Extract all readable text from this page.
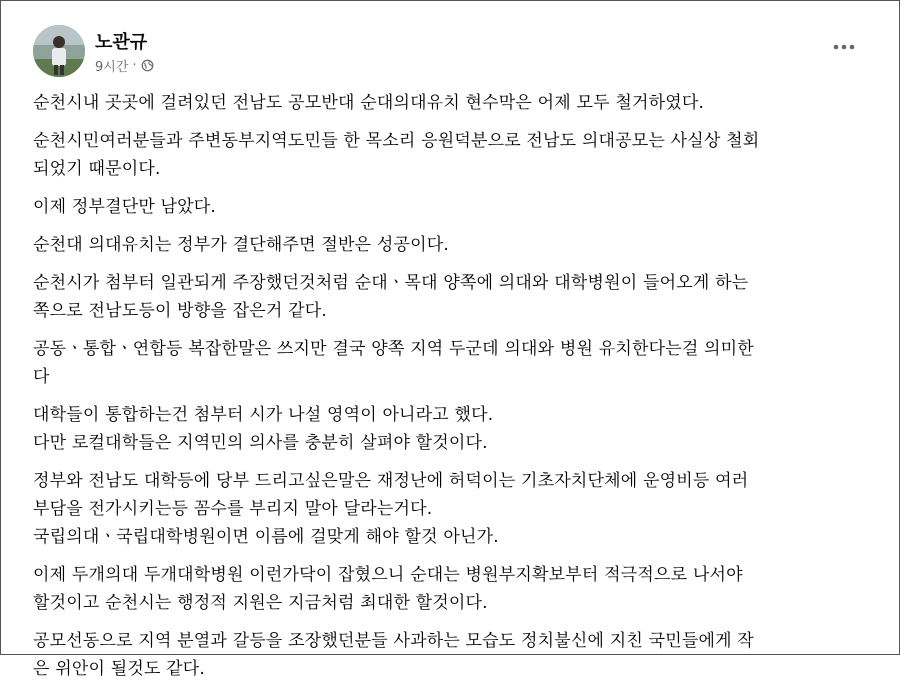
노관규
9시간 ·

순천시내 곳곳에 걸려있던 전남도 공모반대 순대의대유치 현수막은 어제 모두 철거하였다.

순천시민여러분들과 주변동부지역도민들 한 목소리 응원덕분으로 전남도 의대공모는 사실상 철회
되었기 때문이다.

이제 정부결단만 남았다.

순천대 의대유치는 정부가 결단해주면 절반은 성공이다.

순천시가 첨부터 일관되게 주장했던것처럼 순대ㆍ목대 양쪽에 의대와 대학병원이 들어오게 하는
쪽으로 전남도등이 방향을 잡은거 같다.

공동ㆍ통합ㆍ연합등 복잡한말은 쓰지만 결국 양쪽 지역 두군데 의대와 병원 유치한다는걸 의미한
다

대학들이 통합하는건 첨부터 시가 나설 영역이 아니라고 했다.
다만 로컬대학들은 지역민의 의사를 충분히 살펴야 할것이다.

정부와 전남도 대학등에 당부 드리고싶은말은 재정난에 허덕이는 기초자치단체에 운영비등 여러
부담을 전가시키는등 꼼수를 부리지 말아 달라는거다.
국립의대ㆍ국립대학병원이면 이름에 걸맞게 해야 할것 아닌가.

이제 두개의대 두개대학병원 이런가닥이 잡혔으니 순대는 병원부지확보부터 적극적으로 나서야
할것이고 순천시는 행정적 지원은 지금처럼 최대한 할것이다.

공모선동으로 지역 분열과 갈등을 조장했던분들 사과하는 모습도 정치불신에 지친 국민들에게 작
은 위안이 될것도 같다.
